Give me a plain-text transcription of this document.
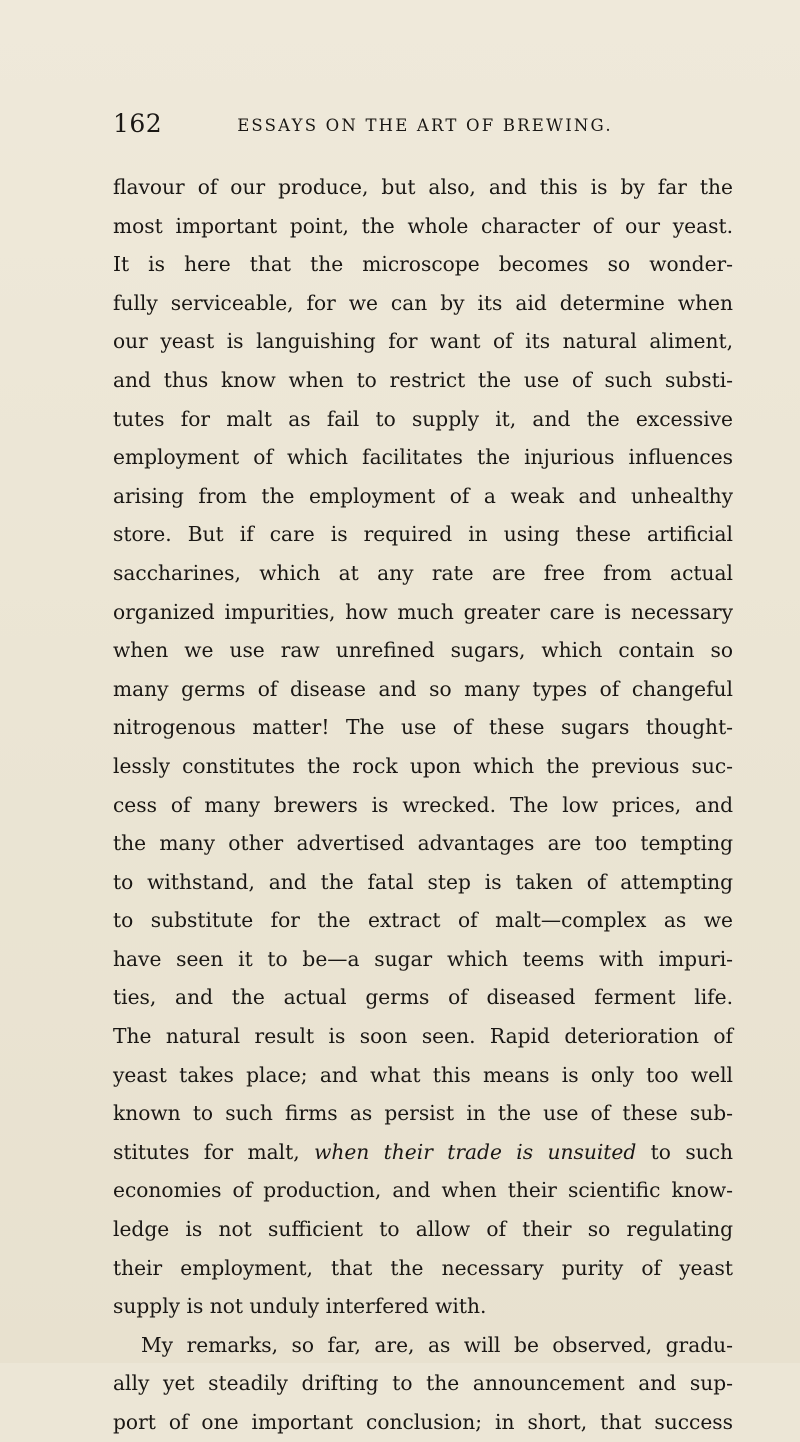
162	ESSAYS ON THE ART OF BREWING.
flavour of our produce, but also, and this is by far the
most important point, the whole character of our yeast.
It is here that the microscope becomes so wonder-
fully serviceable, for we can by its aid determine when
our yeast is languishing for want of its natural aliment,
and thus know when to restrict the use of such substi-
tutes for malt as fail to supply it, and the excessive
employment of which facilitates the injurious influences
arising from the employment of a weak and unhealthy
store. But if care is required in using these artificial
saccharines, which at any rate are free from actual
organized impurities, how much greater care is necessary
when we use raw unrefined sugars, which contain so
many germs of disease and so many types of changeful
nitrogenous matter! The use of these sugars thought-
lessly constitutes the rock upon which the previous suc-
cess of many brewers is wrecked. The low prices, and
the many other advertised advantages are too tempting
to withstand, and the fatal step is taken of attempting
to substitute for the extract of malt—complex as we
have seen it to be—a sugar which teems with impuri-
ties, and the actual germs of diseased ferment life.
The natural result is soon seen. Rapid deterioration of
yeast takes place; and what this means is only too well
known to such firms as persist in the use of these sub-
stitutes for malt, when their trade is unsuited to such
economies of production, and when their scientific know-
ledge is not sufficient to allow of their so regulating
their employment, that the necessary purity of yeast
supply is not unduly interfered with.
My remarks, so far, are, as will be observed, gradu-
ally yet steadily drifting to the announcement and sup-
port of one important conclusion; in short, that success
